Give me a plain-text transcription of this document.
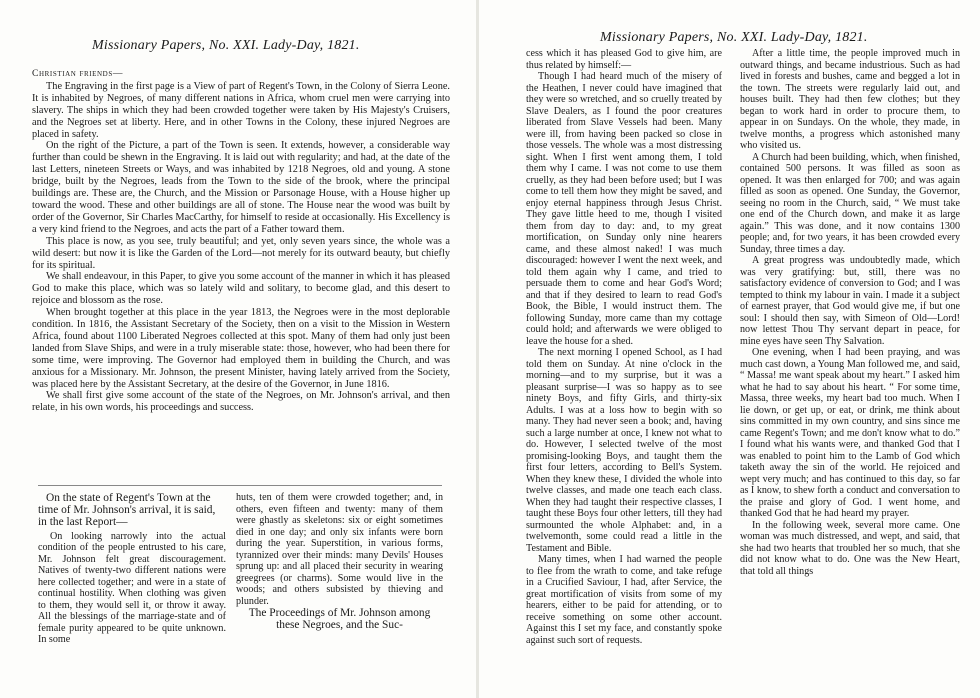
Missionary Papers, No. XXI. Lady-Day, 1821.
Christian friends—

The Engraving in the first page is a View of part of Regent's Town, in the Colony of Sierra Leone. It is inhabited by Negroes, of many different nations in Africa, whom cruel men were carrying into slavery. The ships in which they had been crowded together were taken by His Majesty's Cruisers, and the Negroes set at liberty. Here, and in other Towns in the Colony, these injured Negroes are placed in safety.

On the right of the Picture, a part of the Town is seen. It extends, however, a considerable way further than could be shewn in the Engraving. It is laid out with regularity; and had, at the date of the last Letters, nineteen Streets or Ways, and was inhabited by 1218 Negroes, old and young. A stone bridge, built by the Negroes, leads from the Town to the side of the brook, where the principal buildings are. These are, the Church, and the Mission or Parsonage House, with a House higher up toward the wood. These and other buildings are all of stone. The House near the wood was built by order of the Governor, Sir Charles MacCarthy, for himself to reside at occasionally. His Excellency is a very kind friend to the Negroes, and acts the part of a Father toward them.

This place is now, as you see, truly beautiful; and yet, only seven years since, the whole was a wild desert: but now it is like the Garden of the Lord—not merely for its outward beauty, but chiefly for its spiritual.

We shall endeavour, in this Paper, to give you some account of the manner in which it has pleased God to make this place, which was so lately wild and solitary, to become glad, and this desert to rejoice and blossom as the rose.

When brought together at this place in the year 1813, the Negroes were in the most deplorable condition. In 1816, the Assistant Secretary of the Society, then on a visit to the Mission in Western Africa, found about 1100 Liberated Negroes collected at this spot. Many of them had only just been landed from Slave Ships, and were in a truly miserable state: those, however, who had been there for some time, were improving. The Governor had employed them in building the Church, and was anxious for a Missionary. Mr. Johnson, the present Minister, having lately arrived from the Society, was placed here by the Assistant Secretary, at the desire of the Governor, in June 1816.

We shall first give some account of the state of the Negroes, on Mr. Johnson's arrival, and then relate, in his own words, his proceedings and success.

On the state of Regent's Town at the time of Mr. Johnson's arrival, it is said, in the last Report—

On looking narrowly into the actual condition of the people entrusted to his care, Mr. Johnson felt great discouragement. Natives of twenty-two different nations were here collected together; and were in a state of continual hostility. When clothing was given to them, they would sell it, or throw it away. All the blessings of the marriage-state and of female purity appeared to be quite unknown. In some

huts, ten of them were crowded together; and, in others, even fifteen and twenty: many of them were ghastly as skeletons: six or eight sometimes died in one day; and only six infants were born during the year. Superstition, in various forms, tyrannized over their minds: many Devils' Houses sprung up: and all placed their security in wearing greegrees (or charms). Some would live in the woods; and others subsisted by thieving and plunder.

The Proceedings of Mr. Johnson among these Negroes, and the Suc-
Missionary Papers, No. XXI. Lady-Day, 1821.

cess which it has pleased God to give him, are thus related by himself:—

Though I had heard much of the misery of the Heathen, I never could have imagined that they were so wretched, and so cruelly treated by Slave Dealers, as I found the poor creatures liberated from Slave Vessels had been. Many were ill, from having been packed so close in those vessels. The whole was a most distressing sight. When I first went among them, I told them why I came. I was not come to use them cruelly, as they had been before used; but I was come to tell them how they might be saved, and enjoy eternal happiness through Jesus Christ. They gave little heed to me, though I visited them from day to day: and, to my great mortification, on Sunday only nine hearers came, and these almost naked! I was much discouraged: however I went the next week, and told them again why I came, and tried to persuade them to come and hear God's Word; and that if they desired to learn to read God's Book, the Bible, I would instruct them. The following Sunday, more came than my cottage could hold; and afterwards we were obliged to leave the house for a shed.

The next morning I opened School, as I had told them on Sunday. At nine o'clock in the morning—and to my surprise, but it was a pleasant surprise—I was so happy as to see ninety Boys, and fifty Girls, and thirty-six Adults. I was at a loss how to begin with so many. They had never seen a book; and, having such a large number at once, I knew not what to do. However, I selected twelve of the most promising-looking Boys, and taught them the first four letters, according to Bell's System. When they knew these, I divided the whole into twelve classes, and made one teach each class. When they had taught their respective classes, I taught these Boys four other letters, till they had surmounted the whole Alphabet: and, in a twelvemonth, some could read a little in the Testament and Bible.

Many times, when I had warned the people to flee from the wrath to come, and take refuge in a Crucified Saviour, I had, after Service, the great mortification of visits from some of my hearers, either to be paid for attending, or to receive something on some other account. Against this I set my face, and constantly spoke against such sort of requests.

After a little time, the people improved much in outward things, and became industrious. Such as had lived in forests and bushes, came and begged a lot in the town. The streets were regularly laid out, and houses built. They had then few clothes; but they began to work hard in order to procure them, to appear in on Sundays. On the whole, they made, in twelve months, a progress which astonished many who visited us.

A Church had been building, which, when finished, contained 500 persons. It was filled as soon as opened. It was then enlarged for 700; and was again filled as soon as opened. One Sunday, the Governor, seeing no room in the Church, said, “ We must take one end of the Church down, and make it as large again.” This was done, and it now contains 1300 people; and, for two years, it has been crowded every Sunday, three times a day.

A great progress was undoubtedly made, which was very gratifying: but, still, there was no satisfactory evidence of conversion to God; and I was tempted to think my labour in vain. I made it a subject of earnest prayer, that God would give me, if but one soul: I should then say, with Simeon of Old—Lord! now lettest Thou Thy servant depart in peace, for mine eyes have seen Thy Salvation.

One evening, when I had been praying, and was much cast down, a Young Man followed me, and said, “ Massa! me want speak about my heart.” I asked him what he had to say about his heart. “ For some time, Massa, three weeks, my heart bad too much. When I lie down, or get up, or eat, or drink, me think about sins committed in my own country, and sins since me came Regent's Town; and me don't know what to do.” I found what his wants were, and thanked God that I was enabled to point him to the Lamb of God which taketh away the sin of the world. He rejoiced and wept very much; and has continued to this day, so far as I know, to shew forth a conduct and conversation to the praise and glory of God. I went home, and thanked God that he had heard my prayer.

In the following week, several more came. One woman was much distressed, and wept, and said, that she had two hearts that troubled her so much, that she did not know what to do. One was the New Heart, that told all things
